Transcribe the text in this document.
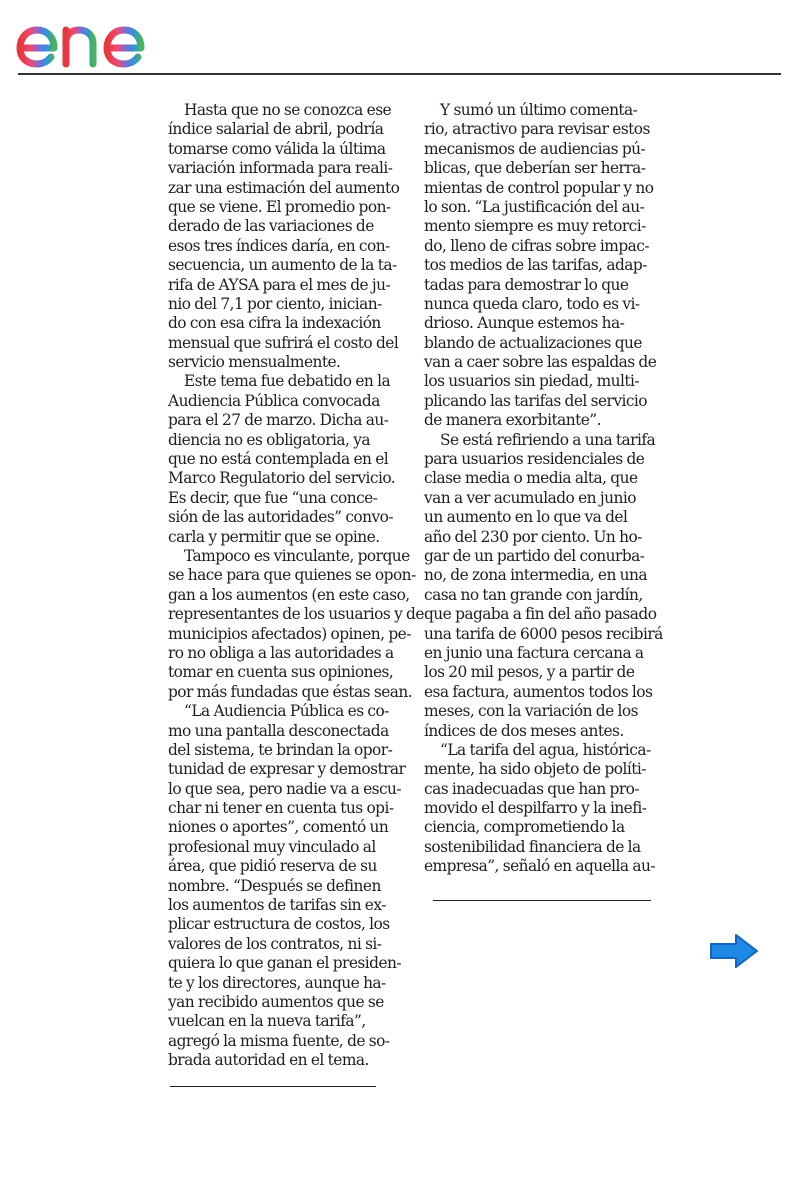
Hasta que no se conozca ese
índice salarial de abril, podría
tomarse como válida la última
variación informada para reali-
zar una estimación del aumento
que se viene. El promedio pon-
derado de las variaciones de
esos tres índices daría, en con-
secuencia, un aumento de la ta-
rifa de AYSA para el mes de ju-
nio del 7,1 por ciento, inician-
do con esa cifra la indexación
mensual que sufrirá el costo del
servicio mensualmente.
Este tema fue debatido en la
Audiencia Pública convocada
para el 27 de marzo. Dicha au-
diencia no es obligatoria, ya
que no está contemplada en el
Marco Regulatorio del servicio.
Es decir, que fue “una conce-
sión de las autoridades” convo-
carla y permitir que se opine.
Tampoco es vinculante, porque
se hace para que quienes se opon-
gan a los aumentos (en este caso,
representantes de los usuarios y de
municipios afectados) opinen, pe-
ro no obliga a las autoridades a
tomar en cuenta sus opiniones,
por más fundadas que éstas sean.
“La Audiencia Pública es co-
mo una pantalla desconectada
del sistema, te brindan la opor-
tunidad de expresar y demostrar
lo que sea, pero nadie va a escu-
char ni tener en cuenta tus opi-
niones o aportes”, comentó un
profesional muy vinculado al
área, que pidió reserva de su
nombre. “Después se definen
los aumentos de tarifas sin ex-
plicar estructura de costos, los
valores de los contratos, ni si-
quiera lo que ganan el presiden-
te y los directores, aunque ha-
yan recibido aumentos que se
vuelcan en la nueva tarifa”,
agregó la misma fuente, de so-
brada autoridad en el tema.
Y sumó un último comenta-
rio, atractivo para revisar estos
mecanismos de audiencias pú-
blicas, que deberían ser herra-
mientas de control popular y no
lo son. “La justificación del au-
mento siempre es muy retorci-
do, lleno de cifras sobre impac-
tos medios de las tarifas, adap-
tadas para demostrar lo que
nunca queda claro, todo es vi-
drioso. Aunque estemos ha-
blando de actualizaciones que
van a caer sobre las espaldas de
los usuarios sin piedad, multi-
plicando las tarifas del servicio
de manera exorbitante”.
Se está refiriendo a una tarifa
para usuarios residenciales de
clase media o media alta, que
van a ver acumulado en junio
un aumento en lo que va del
año del 230 por ciento. Un ho-
gar de un partido del conurba-
no, de zona intermedia, en una
casa no tan grande con jardín,
que pagaba a fin del año pasado
una tarifa de 6000 pesos recibirá
en junio una factura cercana a
los 20 mil pesos, y a partir de
esa factura, aumentos todos los
meses, con la variación de los
índices de dos meses antes.
“La tarifa del agua, histórica-
mente, ha sido objeto de políti-
cas inadecuadas que han pro-
movido el despilfarro y la inefi-
ciencia, comprometiendo la
sostenibilidad financiera de la
empresa”, señaló en aquella au-
